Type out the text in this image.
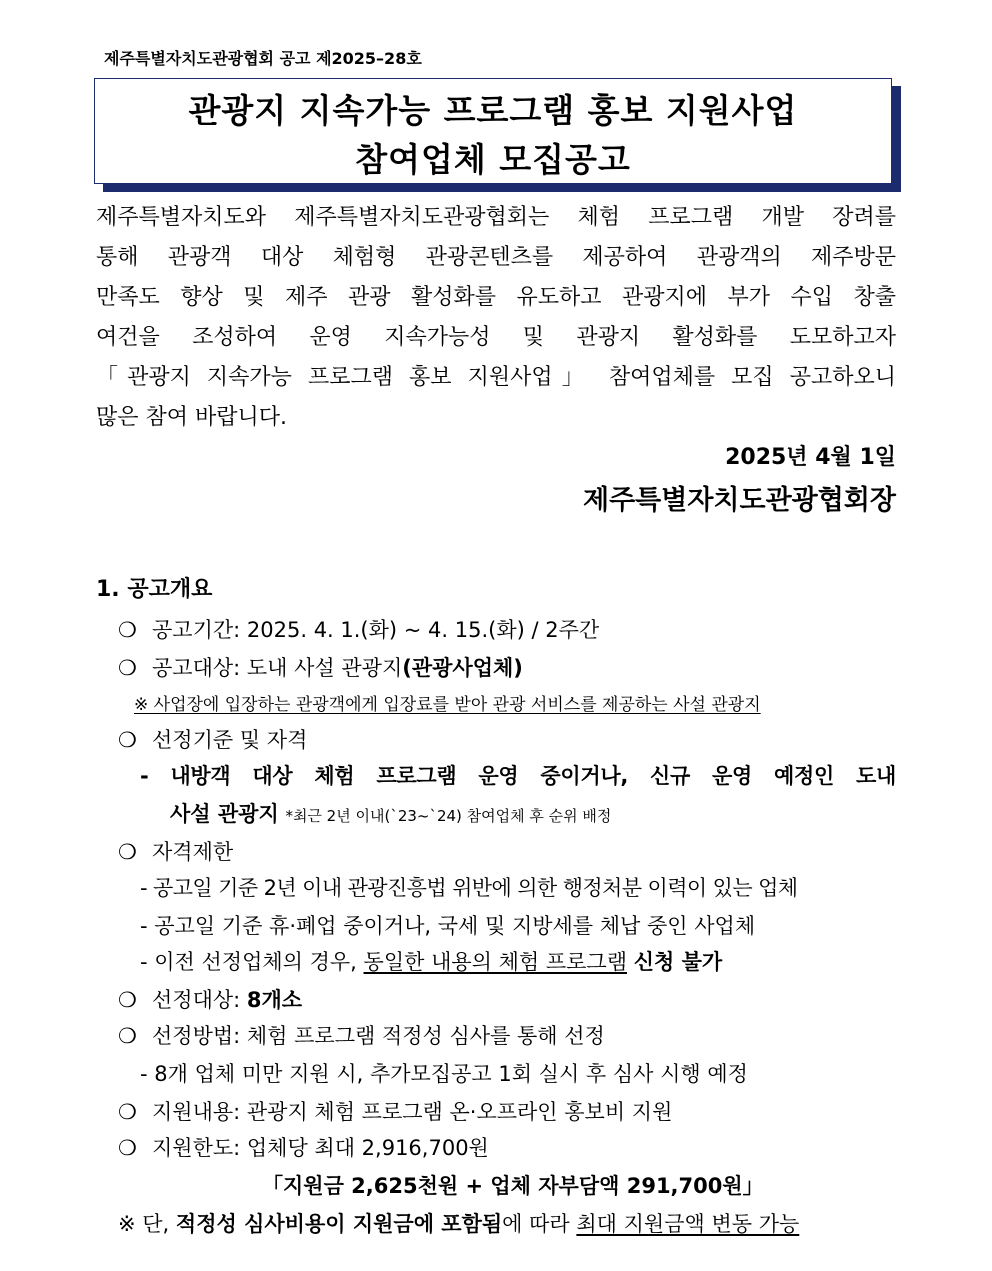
제주특별자치도관광협회 공고 제2025–28호
관광지 지속가능 프로그램 홍보 지원사업
참여업체 모집공고
제주특별자치도와 제주특별자치도관광협회는 체험 프로그램 개발 장려를
통해 관광객 대상 체험형 관광콘텐츠를 제공하여 관광객의 제주방문
만족도 향상 및 제주 관광 활성화를 유도하고 관광지에 부가 수입 창출
여건을 조성하여 운영 지속가능성 및 관광지 활성화를 도모하고자
「관광지 지속가능 프로그램 홍보 지원사업」 참여업체를 모집 공고하오니
많은 참여 바랍니다.
2025년 4월 1일
제주특별자치도관광협회장
1. 공고개요
❍ 공고기간: 2025. 4. 1.(화) ~ 4. 15.(화) / 2주간
❍ 공고대상: 도내 사설 관광지(관광사업체)
※ 사업장에 입장하는 관광객에게 입장료를 받아 관광 서비스를 제공하는 사설 관광지
❍ 선정기준 및 자격
- 내방객 대상 체험 프로그램 운영 중이거나, 신규 운영 예정인 도내
사설 관광지 *최근 2년 이내(`23~`24) 참여업체 후 순위 배정
❍ 자격제한
- 공고일 기준 2년 이내 관광진흥법 위반에 의한 행정처분 이력이 있는 업체
- 공고일 기준 휴·폐업 중이거나, 국세 및 지방세를 체납 중인 사업체
- 이전 선정업체의 경우, 동일한 내용의 체험 프로그램 신청 불가
❍ 선정대상: 8개소
❍ 선정방법: 체험 프로그램 적정성 심사를 통해 선정
- 8개 업체 미만 지원 시, 추가모집공고 1회 실시 후 심사 시행 예정
❍ 지원내용: 관광지 체험 프로그램 온·오프라인 홍보비 지원
❍ 지원한도: 업체당 최대 2,916,700원
「지원금 2,625천원 + 업체 자부담액 291,700원」
※ 단, 적정성 심사비용이 지원금에 포함됨에 따라 최대 지원금액 변동 가능
